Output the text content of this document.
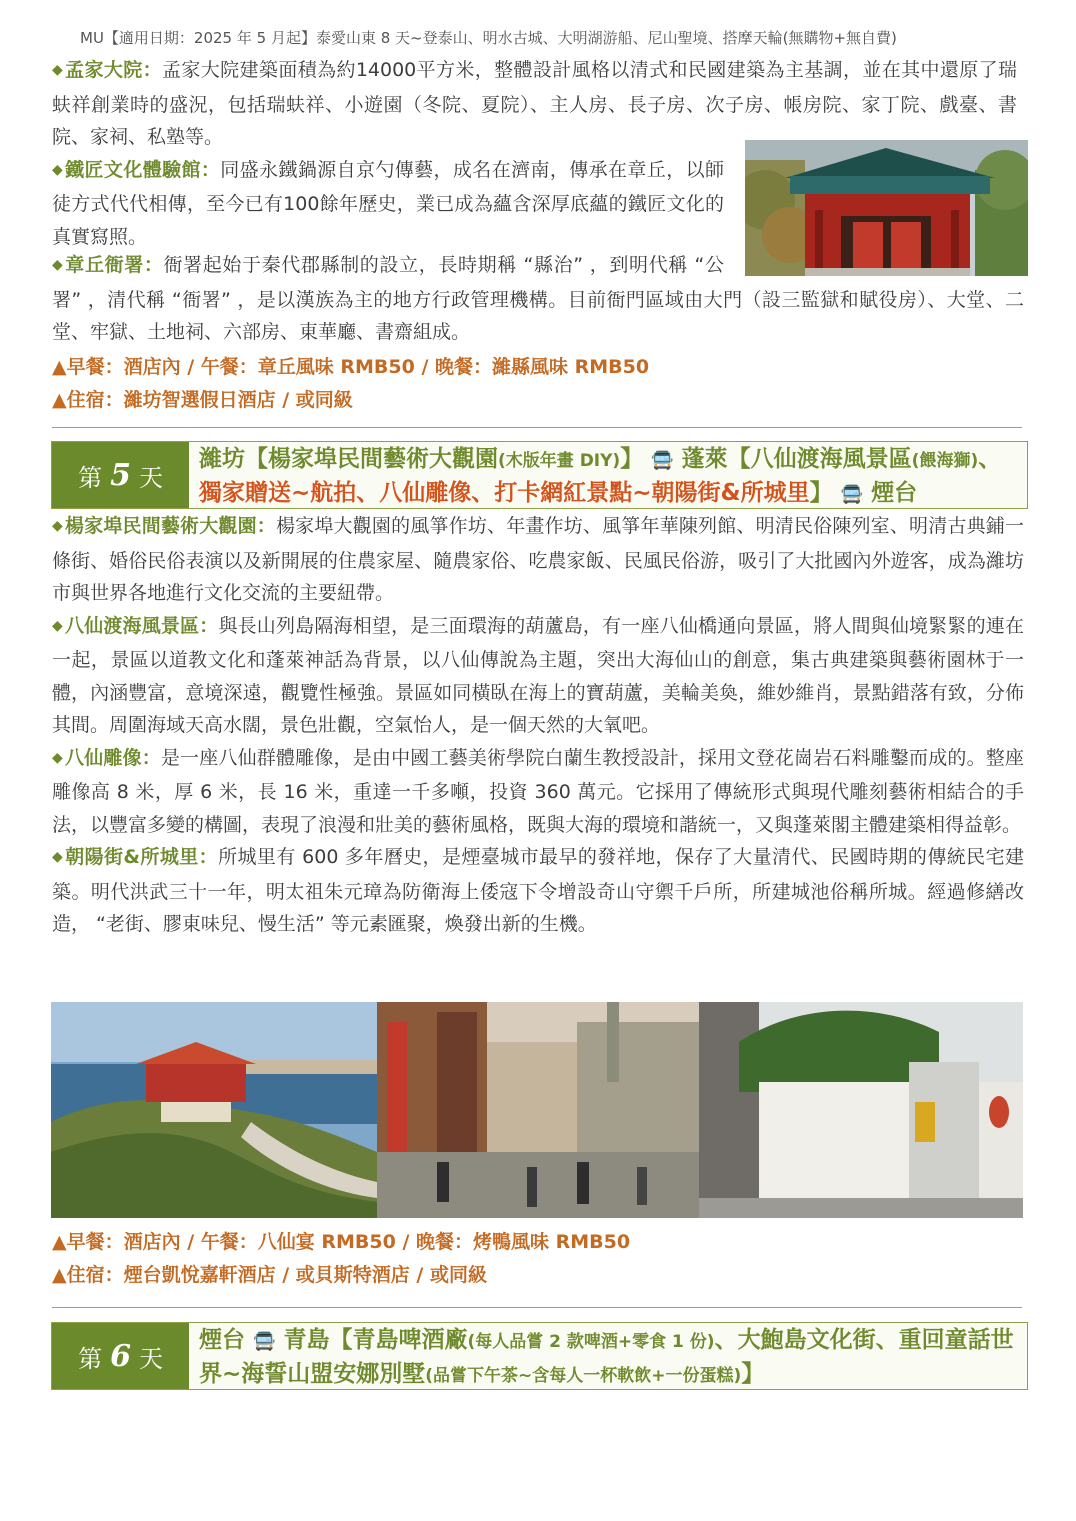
MU【適用日期：2025 年 5 月起】泰愛山東 8 天~登泰山、明水古城、大明湖游船、尼山聖境、搭摩天輪(無購物+無自費)

◆ 孟家大院：孟家大院建築面積為約14000平方米，整體設計風格以清式和民國建築為主基調，並在其中還原了瑞蚨祥創業時的盛況，包括瑞蚨祥、小遊園（冬院、夏院）、主人房、長子房、次子房、帳房院、家丁院、戲臺、書院、家祠、私塾等。

◆ 鐵匠文化體驗館：同盛永鐵鍋源自京勺傳藝，成名在濟南，傳承在章丘，以師徒方式代代相傳，至今已有100餘年歷史，業已成為蘊含深厚底蘊的鐵匠文化的真實寫照。

◆ 章丘衙署：衙署起始于秦代郡縣制的設立，長時期稱 “縣治” ，到明代稱 “公署” ，清代稱 “衙署” ，是以漢族為主的地方行政管理機構。目前衙門區域由大門（設三監獄和賦役房）、大堂、二堂、牢獄、土地祠、六部房、東華廳、書齋組成。

▲早餐：酒店內 / 午餐：章丘風味 RMB50 / 晚餐：濰縣風味 RMB50

▲住宿：濰坊智選假日酒店 / 或同級

第 5 天
濰坊【楊家埠民間藝術大觀園(木版年畫 DIY)】 🚍 蓬萊【八仙渡海風景區(餵海獅)、獨家贈送~航拍、八仙雕像、打卡網紅景點~朝陽街&所城里】 🚍 煙台

◆ 楊家埠民間藝術大觀園：楊家埠大觀園的風箏作坊、年畫作坊、風箏年華陳列館、明清民俗陳列室、明清古典鋪一條街、婚俗民俗表演以及新開展的住農家屋、隨農家俗、吃農家飯、民風民俗游，吸引了大批國內外遊客，成為濰坊市與世界各地進行文化交流的主要紐帶。

◆ 八仙渡海風景區：與長山列島隔海相望，是三面環海的葫蘆島，有一座八仙橋通向景區，將人間與仙境緊緊的連在一起，景區以道教文化和蓬萊神話為背景，以八仙傳說為主題，突出大海仙山的創意，集古典建築與藝術園林于一體，內涵豐富，意境深遠，觀覽性極強。景區如同橫臥在海上的寶葫蘆，美輪美奐，維妙維肖，景點錯落有致，分佈其間。周圍海域天高水闊，景色壯觀，空氣怡人，是一個天然的大氧吧。

◆ 八仙雕像：是一座八仙群體雕像，是由中國工藝美術學院白蘭生教授設計，採用文登花崗岩石料雕鑿而成的。整座雕像高 8 米，厚 6 米，長 16 米，重達一千多噸，投資 360 萬元。它採用了傳統形式與現代雕刻藝術相結合的手法，以豐富多變的構圖，表現了浪漫和壯美的藝術風格，既與大海的環境和諧統一，又與蓬萊閣主體建築相得益彰。

◆ 朝陽街&所城里：所城里有 600 多年曆史，是煙臺城市最早的發祥地，保存了大量清代、民國時期的傳統民宅建築。明代洪武三十一年，明太祖朱元璋為防衛海上倭寇下令增設奇山守禦千戶所，所建城池俗稱所城。經過修繕改造， “老街、膠東味兒、慢生活” 等元素匯聚，煥發出新的生機。

▲早餐：酒店內 / 午餐：八仙宴 RMB50 / 晚餐：烤鴨風味 RMB50

▲住宿：煙台凱悅嘉軒酒店 / 或貝斯特酒店 / 或同級

第 6 天
煙台 🚍 青島【青島啤酒廠(每人品嘗 2 款啤酒+零食 1 份)、大鮑島文化街、重回童話世界~海誓山盟安娜別墅(品嘗下午茶~含每人一杯軟飲+一份蛋糕)】
